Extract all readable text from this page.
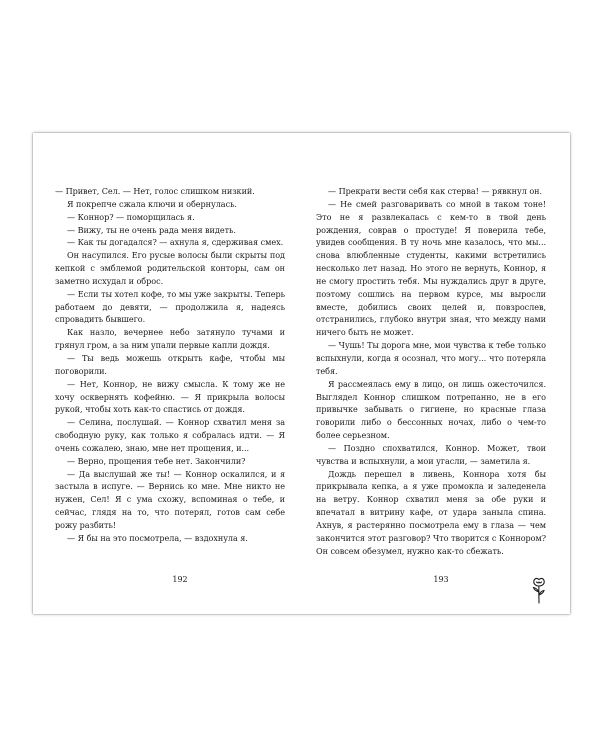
— Привет, Сел. — Нет, голос слишком низкий.

Я покрепче сжала ключи и обернулась.

— Коннор? — поморщилась я.

— Вижу, ты не очень рада меня видеть.

— Как ты догадался? — ахнула я, сдерживая смех.

Он насупился. Его русые волосы были скрыты под кепкой с эмблемой родительской конторы, сам он заметно исхудал и оброс.

— Если ты хотел кофе, то мы уже закрыты. Теперь работаем до девяти, — продолжила я, надеясь спровадить бывшего.

Как назло, вечернее небо затянуло тучами и грянул гром, а за ним упали первые капли дождя.

— Ты ведь можешь открыть кафе, чтобы мы поговорили.

— Нет, Коннор, не вижу смысла. К тому же не хочу осквернять кофейню. — Я прикрыла волосы рукой, чтобы хоть как-то спастись от дождя.

— Селина, послушай. — Коннор схватил меня за свободную руку, как только я собралась идти. — Я очень сожалею, знаю, мне нет прощения, и...

— Верно, прощения тебе нет. Закончили?

— Да выслушай же ты! — Коннор оскалился, и я застыла в испуге. — Вернись ко мне. Мне никто не нужен, Сел! Я с ума схожу, вспоминая о тебе, и сейчас, глядя на то, что потерял, готов сам себе рожу разбить!

— Я бы на это посмотрела, — вздохнула я.

192

— Прекрати вести себя как стерва! — рявкнул он.

— Не смей разговаривать со мной в таком тоне! Это не я развлекалась с кем-то в твой день рождения, соврав о простуде! Я поверила тебе, увидев сообщения. В ту ночь мне казалось, что мы... снова влюбленные студенты, какими встретились несколько лет назад. Но этого не вернуть, Коннор, я не смогу простить тебя. Мы нуждались друг в друге, поэтому сошлись на первом курсе, мы выросли вместе, добились своих целей и, повзрослев, отстранились, глубоко внутри зная, что между нами ничего быть не может.

— Чушь! Ты дорога мне, мои чувства к тебе только вспыхнули, когда я осознал, что могу... что потеряла тебя.

Я рассмеялась ему в лицо, он лишь ожесточился. Выглядел Коннор слишком потрепанно, не в его привычке забывать о гигиене, но красные глаза говорили либо о бессонных ночах, либо о чем-то более серьезном.

— Поздно спохватился, Коннор. Может, твои чувства и вспыхнули, а мои угасли, — заметила я.

Дождь перешел в ливень, Коннора хотя бы прикрывала кепка, а я уже промокла и заледенела на ветру. Коннор схватил меня за обе руки и впечатал в витрину кафе, от удара заныла спина. Ахнув, я растерянно посмотрела ему в глаза — чем закончится этот разговор? Что творится с Коннором? Он совсем обезумел, нужно как-то сбежать.

193
